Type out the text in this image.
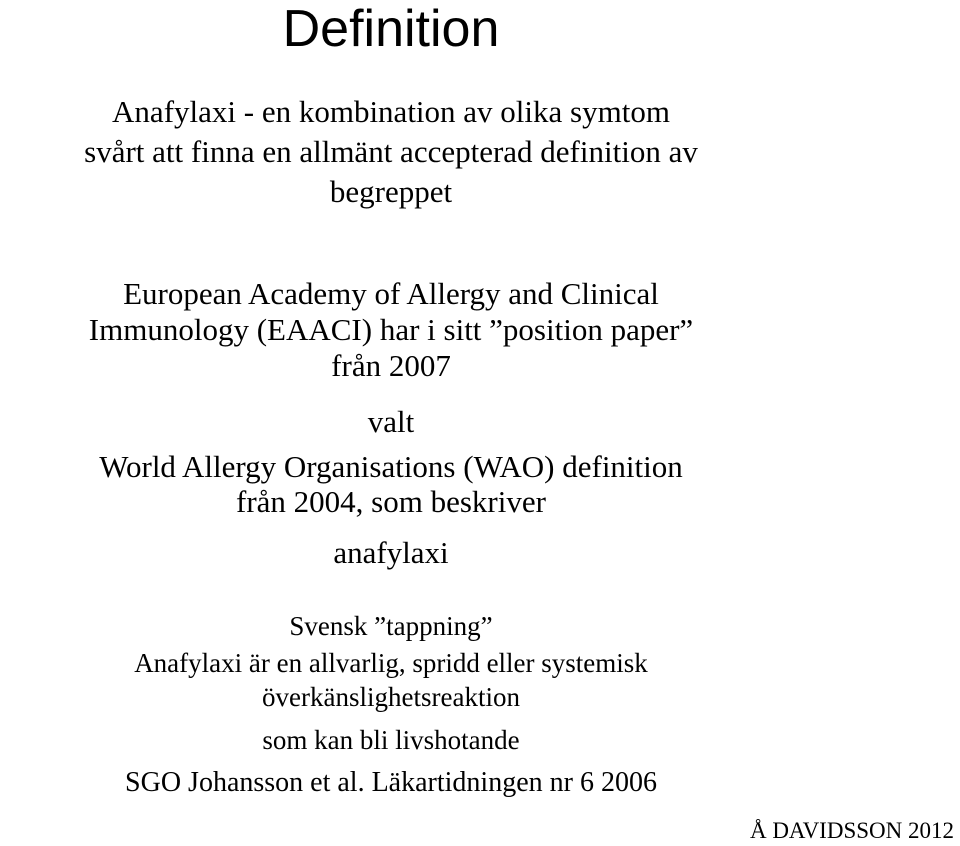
Definition
Anafylaxi - en kombination av olika symtom
svårt att finna en allmänt accepterad definition av
begreppet
European Academy of Allergy and Clinical
Immunology (EAACI) har i sitt ”position paper”
från 2007
valt
World Allergy Organisations (WAO) definition
från 2004, som beskriver
anafylaxi
Svensk ”tappning”
Anafylaxi är en allvarlig, spridd eller systemisk
överkänslighetsreaktion
som kan bli livshotande
SGO Johansson et al. Läkartidningen nr 6 2006
Å DAVIDSSON 2012
